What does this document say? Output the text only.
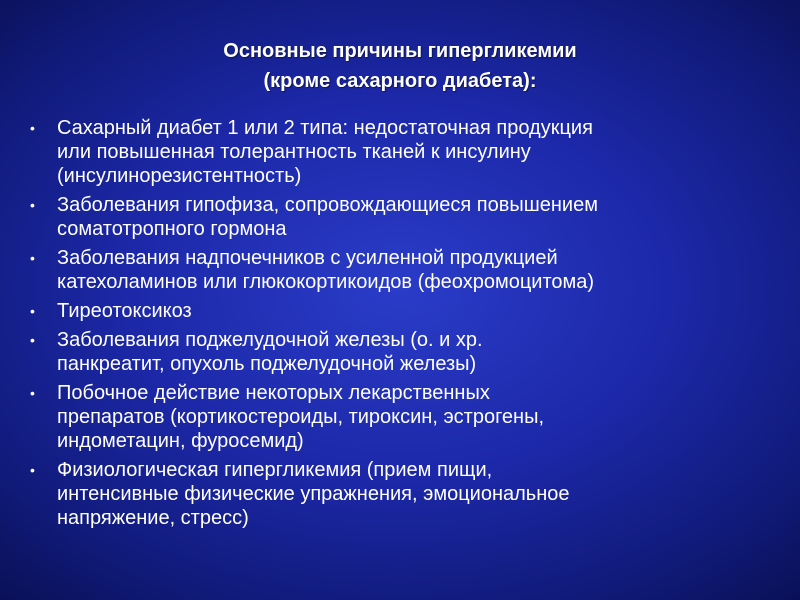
Основные причины гипергликемии
(кроме сахарного диабета):
• Сахарный диабет 1 или 2 типа: недостаточная продукция
или повышенная толерантность тканей к инсулину
(инсулинорезистентность)
• Заболевания гипофиза, сопровождающиеся повышением
соматотропного гормона
• Заболевания надпочечников с усиленной продукцией
катехоламинов или глюкокортикоидов (феохромоцитома)
• Тиреотоксикоз
• Заболевания поджелудочной железы (о. и хр.
панкреатит, опухоль поджелудочной железы)
• Побочное действие некоторых лекарственных
препаратов (кортикостероиды, тироксин, эстрогены,
индометацин, фуросемид)
• Физиологическая гипергликемия (прием пищи,
интенсивные физические упражнения, эмоциональное
напряжение, стресс)
